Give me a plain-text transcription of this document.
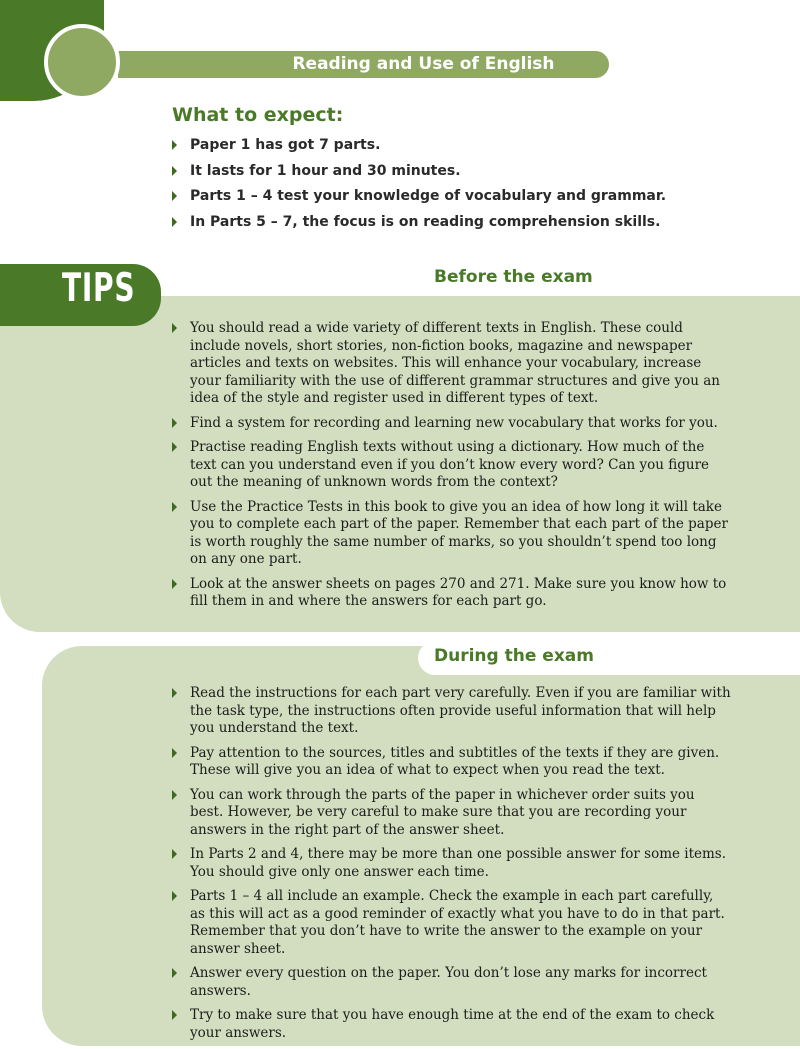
Reading and Use of English
What to expect:
Paper 1 has got 7 parts.
It lasts for 1 hour and 30 minutes.
Parts 1 – 4 test your knowledge of vocabulary and grammar.
In Parts 5 – 7, the focus is on reading comprehension skills.
TIPS	Before the exam
During the exam
You should read a wide variety of different texts in English. These could include novels, short stories, non-fiction books, magazine and newspaper articles and texts on websites. This will enhance your vocabulary, increase your familiarity with the use of different grammar structures and give you an idea of the style and register used in different types of text.
Find a system for recording and learning new vocabulary that works for you.
Practise reading English texts without using a dictionary. How much of the text can you understand even if you don’t know every word? Can you figure out the meaning of unknown words from the context?
Use the Practice Tests in this book to give you an idea of how long it will take you to complete each part of the paper. Remember that each part of the paper is worth roughly the same number of marks, so you shouldn’t spend too long on any one part.
Look at the answer sheets on pages 270 and 271. Make sure you know how to fill them in and where the answers for each part go.
Read the instructions for each part very carefully. Even if you are familiar with the task type, the instructions often provide useful information that will help you understand the text.
Pay attention to the sources, titles and subtitles of the texts if they are given. These will give you an idea of what to expect when you read the text.
You can work through the parts of the paper in whichever order suits you best. However, be very careful to make sure that you are recording your answers in the right part of the answer sheet.
In Parts 2 and 4, there may be more than one possible answer for some items. You should give only one answer each time.
Parts 1 – 4 all include an example. Check the example in each part carefully, as this will act as a good reminder of exactly what you have to do in that part. Remember that you don’t have to write the answer to the example on your answer sheet.
Answer every question on the paper. You don’t lose any marks for incorrect answers.
Try to make sure that you have enough time at the end of the exam to check your answers.
